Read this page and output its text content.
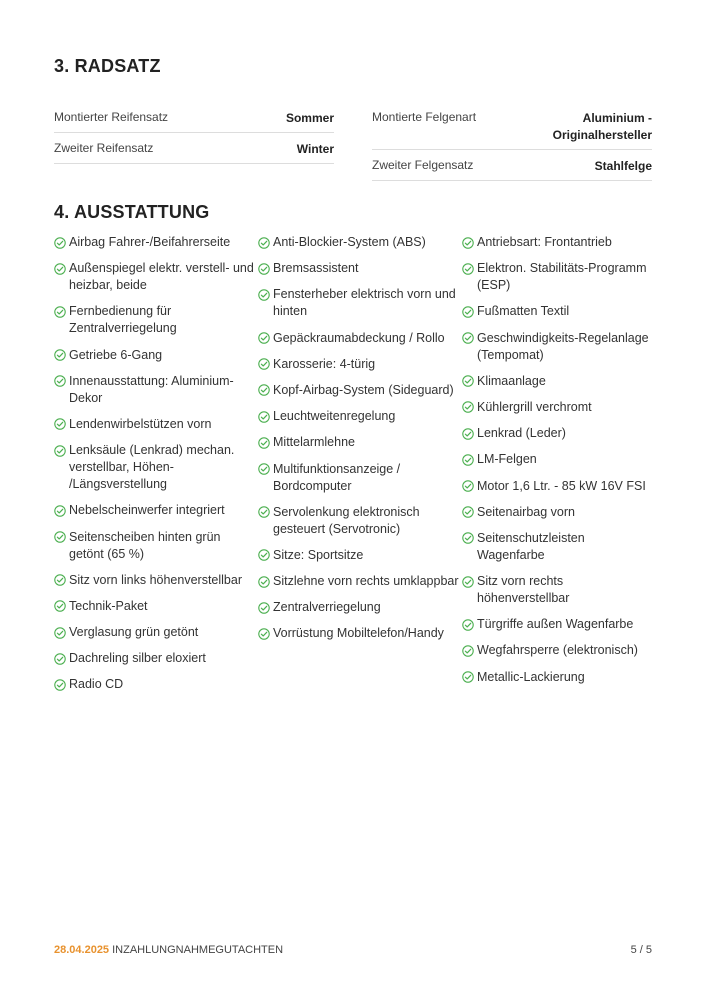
3. RADSATZ
Montierter Reifensatz	Sommer
Zweiter Reifensatz	Winter
Montierte Felgenart	Aluminium - Originalhersteller
Zweiter Felgensatz	Stahlfelge
4. AUSSTATTUNG
Airbag Fahrer-/Beifahrerseite
Außenspiegel elektr. verstell- und heizbar, beide
Fernbedienung für Zentralverriegelung
Getriebe 6-Gang
Innenausstattung: Aluminium-Dekor
Lendenwirbelstützen vorn
Lenksäule (Lenkrad) mechan. verstellbar, Höhen- /Längsverstellung
Nebelscheinwerfer integriert
Seitenscheiben hinten grün getönt (65 %)
Sitz vorn links höhenverstellbar
Technik-Paket
Verglasung grün getönt
Dachreling silber eloxiert
Radio CD
Anti-Blockier-System (ABS)
Bremsassistent
Fensterheber elektrisch vorn und hinten
Gepäckraumabdeckung / Rollo
Karosserie: 4-türig
Kopf-Airbag-System (Sideguard)
Leuchtweitenregelung
Mittelarmlehne
Multifunktionsanzeige / Bordcomputer
Servolenkung elektronisch gesteuert (Servotronic)
Sitze: Sportsitze
Sitzlehne vorn rechts umklappbar
Zentralverriegelung
Vorrüstung Mobiltelefon/Handy
Antriebsart: Frontantrieb
Elektron. Stabilitäts-Programm (ESP)
Fußmatten Textil
Geschwindigkeits-Regelanlage (Tempomat)
Klimaanlage
Kühlergrill verchromt
Lenkrad (Leder)
LM-Felgen
Motor 1,6 Ltr. - 85 kW 16V FSI
Seitenairbag vorn
Seitenschutzleisten Wagenfarbe
Sitz vorn rechts höhenverstellbar
Türgriffe außen Wagenfarbe
Wegfahrsperre (elektronisch)
Metallic-Lackierung
28.04.2025 INZAHLUNGNAHMEGUTACHTEN	5 / 5
